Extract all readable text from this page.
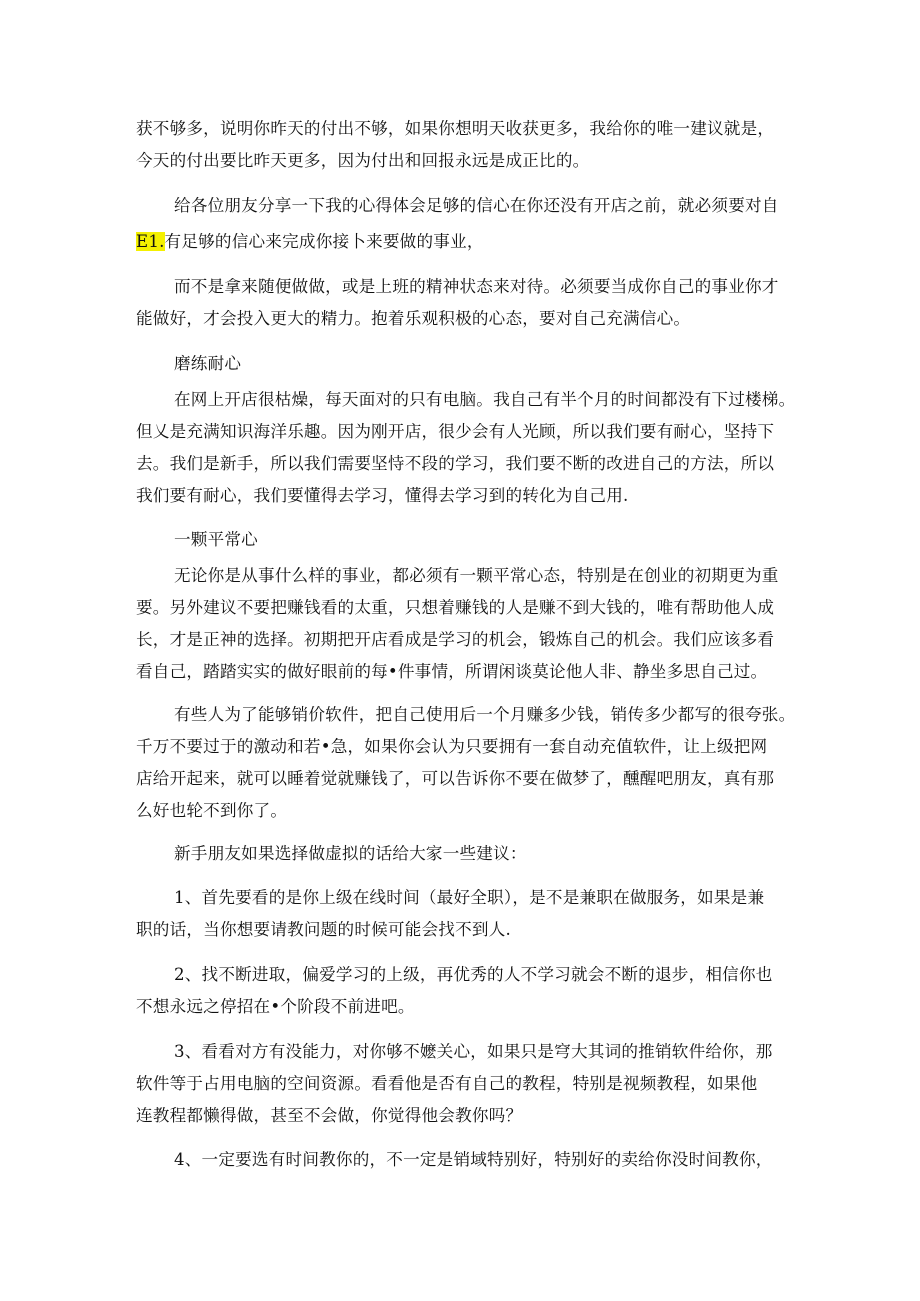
获不够多，说明你昨天的付出不够，如果你想明天收获更多，我给你的唯一建议就是，
今天的付出要比昨天更多，因为付出和回报永远是成正比的。
给各位朋友分享一下我的心得体会足够的信心在你还没有开店之前，就必须要对自
E1.有足够的信心来完成你接卜来要做的事业，
而不是拿来随便做做，或是上班的精神状态来对待。必须要当成你自己的事业你才
能做好，才会投入更大的精力。抱着乐观积极的心态，要对自己充满信心。
磨练耐心
在网上开店很枯燥，每天面对的只有电脑。我自己有半个月的时间都没有下过楼梯。
但乂是充满知识海洋乐趣。因为刚开店，很少会有人光顾，所以我们要有耐心，坚持下
去。我们是新手，所以我们需要坚恃不段的学习，我们要不断的改进自己的方法，所以
我们要有耐心，我们要懂得去学习，懂得去学习到的转化为自己用.
一颗平常心
无论你是从事什么样的事业，都必须有一颗平常心态，特别是在创业的初期更为重
要。另外建议不要把赚钱看的太重，只想着赚钱的人是赚不到大钱的，唯有帮助他人成
长，才是正神的选择。初期把开店看成是学习的机会，锻炼自己的机会。我们应该多看
看自己，踏踏实实的做好眼前的每•件事情，所谓闲谈莫论他人非、静坐多思自己过。
有些人为了能够销价软件，把自己使用后一个月赚多少钱，销传多少都写的很夸张。
千万不要过于的激动和若•急，如果你会认为只要拥有一套自动充值软件，让上级把网
店给开起来，就可以睡着觉就赚钱了，可以告诉你不要在做梦了，醺醒吧朋友，真有那
么好也轮不到你了。
新手朋友如果选择做虚拟的话给大家一些建议：
1、首先要看的是你上级在线时间（最好全职），是不是兼职在做服务，如果是兼
职的话，当你想要请教问题的时候可能会找不到人.
2、找不断进取，偏爱学习的上级，再优秀的人不学习就会不断的退步，相信你也
不想永远之停招在•个阶段不前进吧。
3、看看对方有没能力，对你够不嬷关心，如果只是穹大其词的推销软件给你，那
软件等于占用电脑的空间资源。看看他是否有自己的教程，特别是视频教程，如果他
连教程都懒得做，甚至不会做，你觉得他会教你吗？
4、一定要选有时间教你的，不一定是销域特别好，特别好的卖给你没时间教你，
